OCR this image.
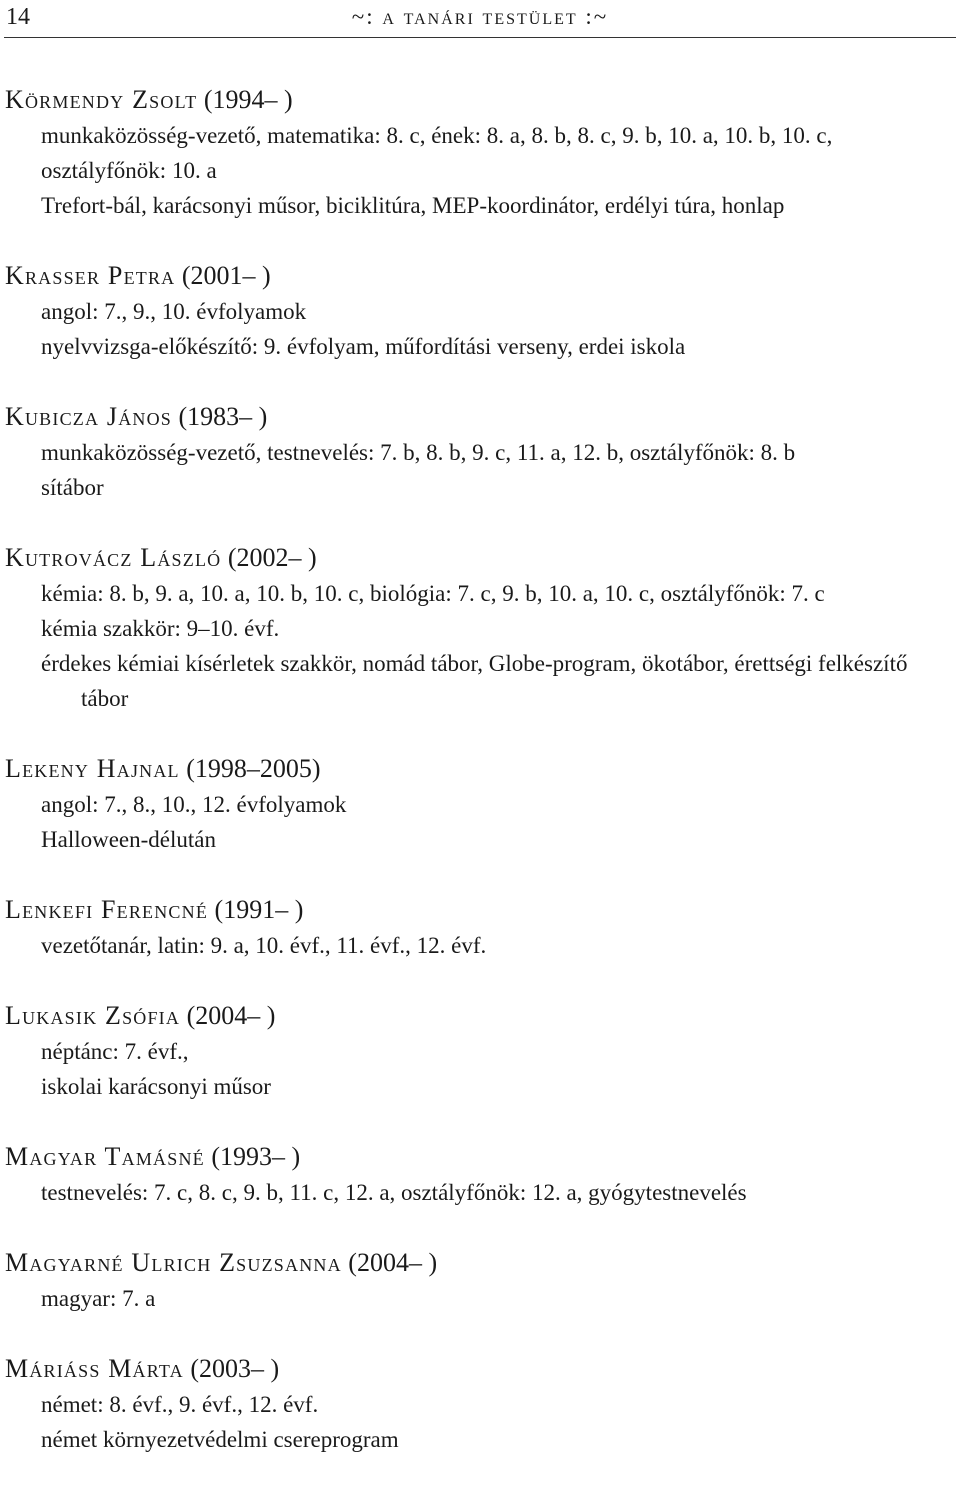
14	~: a tanári testület :~
Körmendy Zsolt (1994– )
munkaközösség-vezető, matematika: 8. c, ének: 8. a, 8. b, 8. c, 9. b, 10. a, 10. b, 10. c,
osztályfőnök: 10. a
Trefort-bál, karácsonyi műsor, biciklitúra, MEP-koordinátor, erdélyi túra, honlap
Krasser Petra (2001– )
angol: 7., 9., 10. évfolyamok
nyelvvizsga-előkészítő: 9. évfolyam, műfordítási verseny, erdei iskola
Kubicza János (1983– )
munkaközösség-vezető, testnevelés: 7. b, 8. b, 9. c, 11. a, 12. b, osztályfőnök: 8. b
sítábor
Kutrovácz László (2002– )
kémia: 8. b, 9. a, 10. a, 10. b, 10. c, biológia: 7. c, 9. b, 10. a, 10. c, osztályfőnök: 7. c
kémia szakkör: 9–10. évf.
érdekes kémiai kísérletek szakkör, nomád tábor, Globe-program, ökotábor, érettségi felkészítő tábor
Lekeny Hajnal (1998–2005)
angol: 7., 8., 10., 12. évfolyamok
Halloween-délután
Lenkefi Ferencné (1991– )
vezetőtanár, latin: 9. a, 10. évf., 11. évf., 12. évf.
Lukasik Zsófia (2004– )
néptánc: 7. évf.,
iskolai karácsonyi műsor
Magyar Tamásné (1993– )
testnevelés: 7. c, 8. c, 9. b, 11. c, 12. a, osztályfőnök: 12. a, gyógytestnevelés
Magyarné Ulrich Zsuzsanna (2004– )
magyar: 7. a
Máriáss Márta (2003– )
német: 8. évf., 9. évf., 12. évf.
német környezetvédelmi csereprogram
